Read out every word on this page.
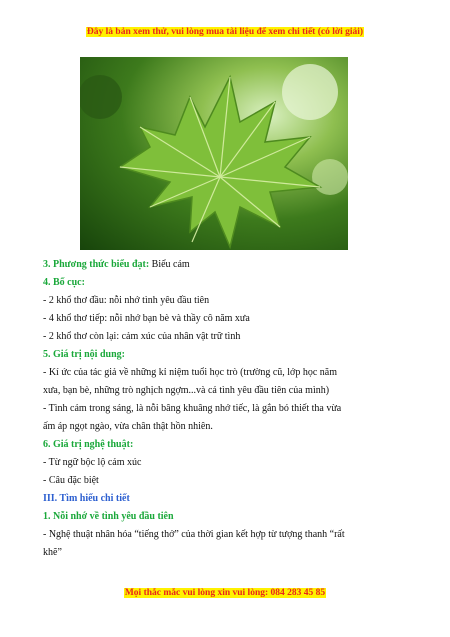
Đây là bản xem thử, vui lòng mua tài liệu để xem chi tiết (có lời giải)
3. Phương thức biểu đạt: Biểu cảm
4. Bố cục:
- 2 khổ thơ đầu: nỗi nhớ tình yêu đầu tiên
- 4 khổ thơ tiếp: nỗi nhớ bạn bè và thầy cô năm xưa
- 2 khổ thơ còn lại: cảm xúc của nhân vật trữ tình
5. Giá trị nội dung:
- Kí ức của tác giả về những kỉ niệm tuổi học trò (trường cũ, lớp học năm
xưa, bạn bè, những trò nghịch ngợm...và cả tình yêu đầu tiên của mình)
- Tình cảm trong sáng, là nỗi bâng khuâng nhớ tiếc, là gắn bó thiết tha vừa
ấm áp ngọt ngào, vừa chân thật hồn nhiên.
6. Giá trị nghệ thuật:
- Từ ngữ bộc lộ cảm xúc
- Câu đặc biệt
III. Tìm hiểu chi tiết
1. Nỗi nhớ về tình yêu đầu tiên
- Nghệ thuật nhân hóa “tiếng thở” của thời gian kết hợp từ tượng thanh “rất
khẽ”
Mọi thắc mắc vui lòng xin vui lòng: 084 283 45 85
